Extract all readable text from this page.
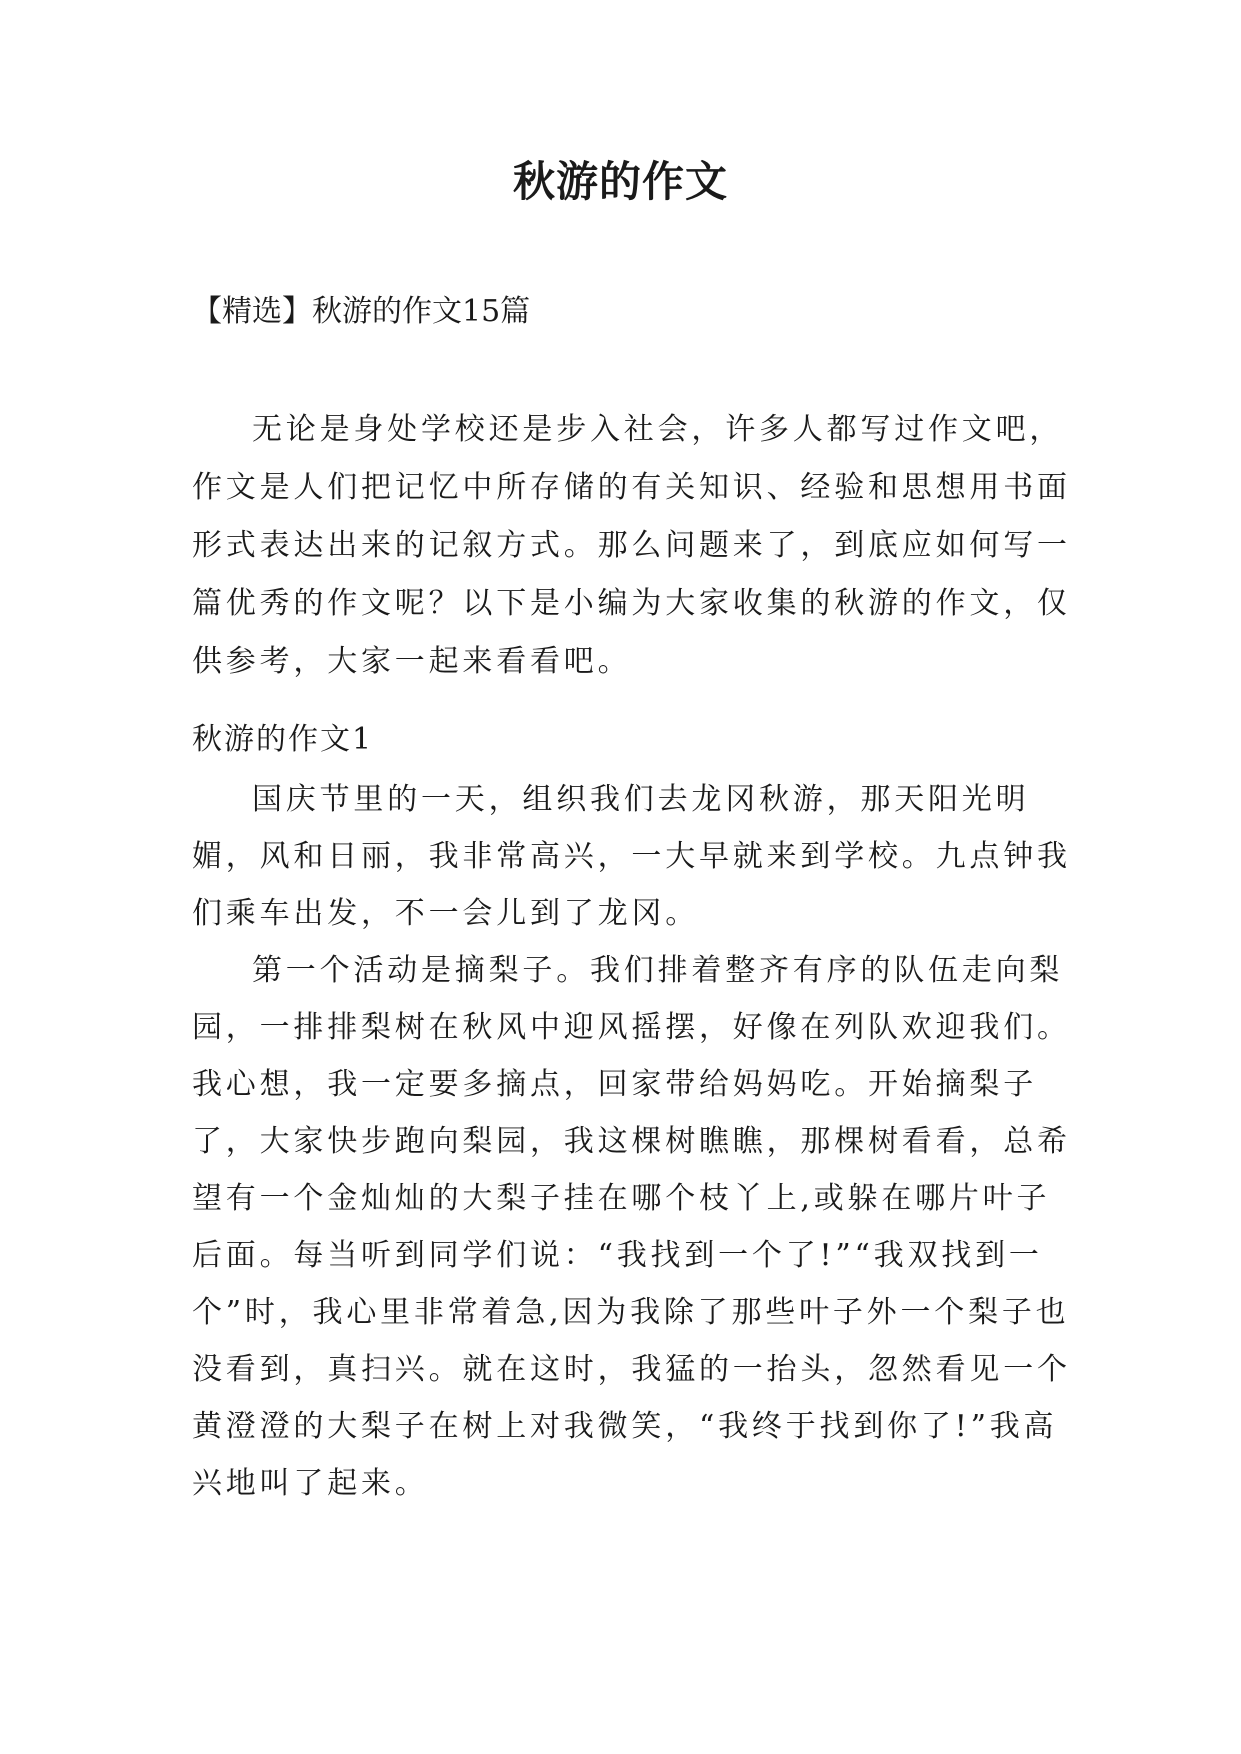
秋游的作文
【精选】秋游的作文15篇

无论是身处学校还是步入社会，许多人都写过作文吧，作文是人们把记忆中所存储的有关知识、经验和思想用书面形式表达出来的记叙方式。那么问题来了，到底应如何写一篇优秀的作文呢？以下是小编为大家收集的秋游的作文，仅供参考，大家一起来看看吧。

秋游的作文1

国庆节里的一天，组织我们去龙冈秋游，那天阳光明媚，风和日丽，我非常高兴，一大早就来到学校。九点钟我们乘车出发，不一会儿到了龙冈。

第一个活动是摘梨子。我们排着整齐有序的队伍走向梨园，一排排梨树在秋风中迎风摇摆，好像在列队欢迎我们。我心想，我一定要多摘点，回家带给妈妈吃。开始摘梨子了，大家快步跑向梨园，我这棵树瞧瞧，那棵树看看，总希望有一个金灿灿的大梨子挂在哪个枝丫上,或躲在哪片叶子后面。每当听到同学们说：“我找到一个了!”“我双找到一个”时，我心里非常着急,因为我除了那些叶子外一个梨子也没看到，真扫兴。就在这时，我猛的一抬头，忽然看见一个黄澄澄的大梨子在树上对我微笑，“我终于找到你了!”我高兴地叫了起来。
